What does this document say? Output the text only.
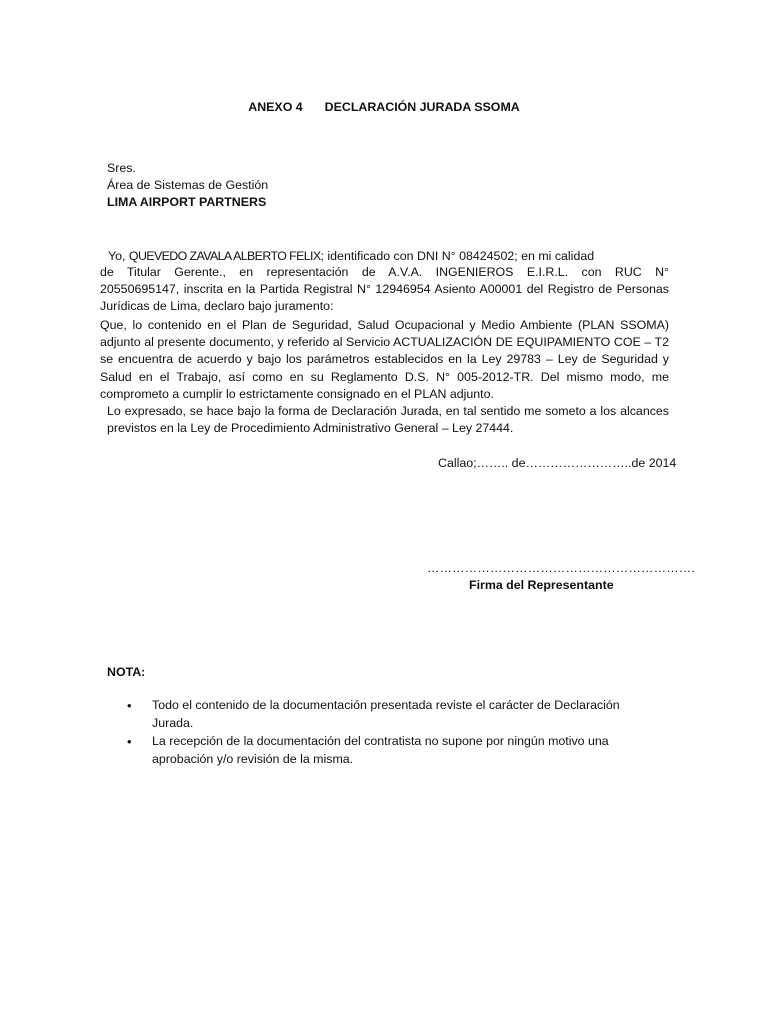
ANEXO 4 DECLARACIÓN JURADA SSOMA
Sres.
Área de Sistemas de Gestión
LIMA AIRPORT PARTNERS
Yo, QUEVEDO ZAVALA ALBERTO FELIX; identificado con DNI N° 08424502; en mi calidad
de Titular Gerente., en representación de A.V.A. INGENIEROS E.I.R.L. con RUC N°
20550695147, inscrita en la Partida Registral N° 12946954 Asiento A00001 del Registro de Personas
Jurídicas de Lima, declaro bajo juramento:
Que, lo contenido en el Plan de Seguridad, Salud Ocupacional y Medio Ambiente (PLAN SSOMA) adjunto al presente documento, y referido al Servicio ACTUALIZACIÓN DE EQUIPAMIENTO COE – T2 se encuentra de acuerdo y bajo los parámetros establecidos en la Ley 29783 – Ley de Seguridad y Salud en el Trabajo, así como en su Reglamento D.S. N° 005-2012-TR. Del mismo modo, me comprometo a cumplir lo estrictamente consignado en el PLAN adjunto.
Lo expresado, se hace bajo la forma de Declaración Jurada, en tal sentido me someto a los alcances previstos en la Ley de Procedimiento Administrativo General – Ley 27444.
Callao;…….. de……………………..de 2014
……………………………………………………….
Firma del Representante
NOTA:
• Todo el contenido de la documentación presentada reviste el carácter de Declaración Jurada.
• La recepción de la documentación del contratista no supone por ningún motivo una aprobación y/o revisión de la misma.
